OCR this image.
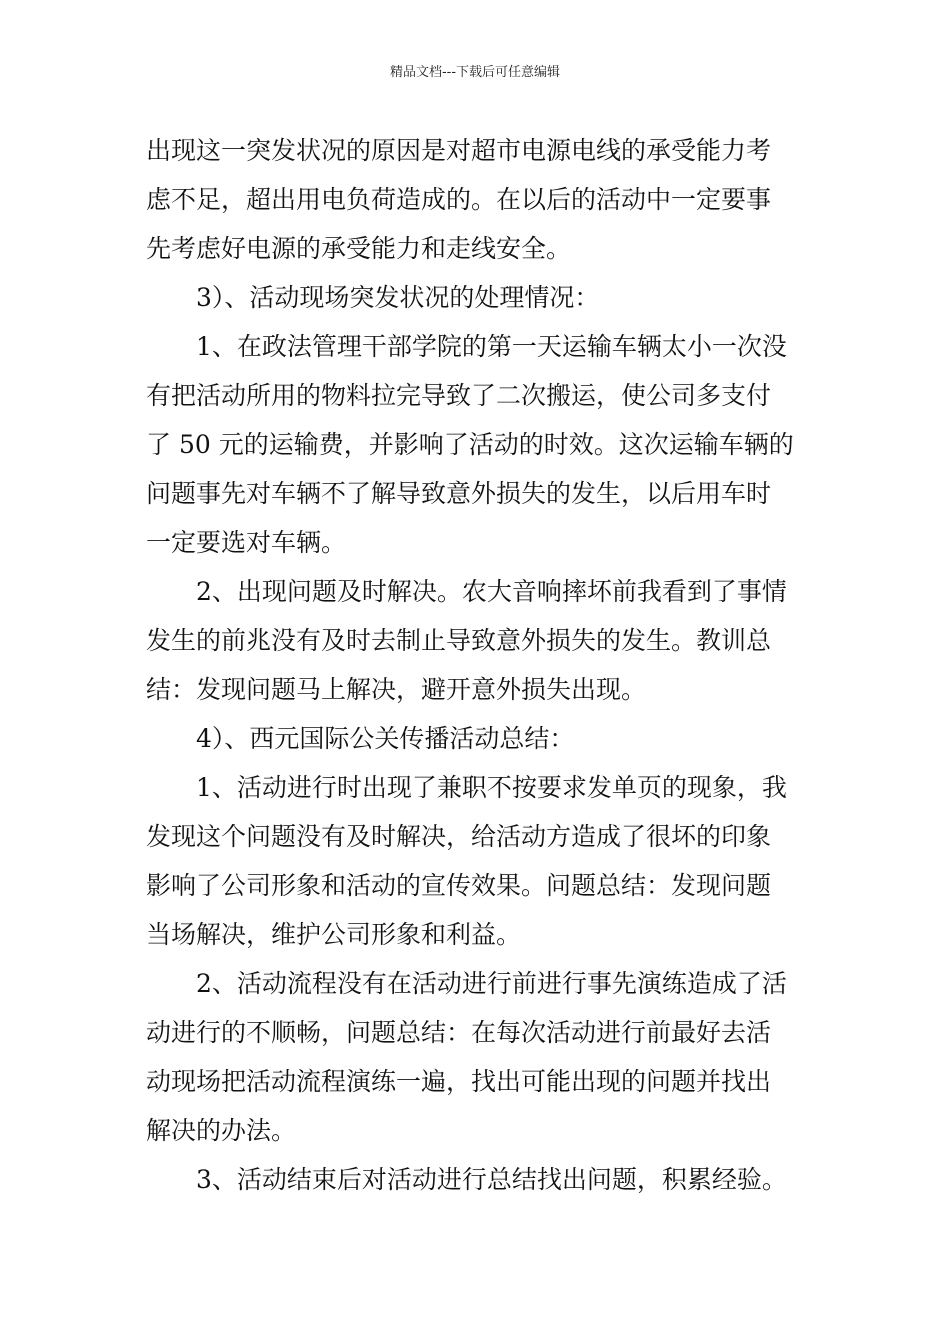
精品文档---下载后可任意编辑
出现这一突发状况的原因是对超市电源电线的承受能力考
虑不足，超出用电负荷造成的。在以后的活动中一定要事
先考虑好电源的承受能力和走线安全。
3）、活动现场突发状况的处理情况：
1、在政法管理干部学院的第一天运输车辆太小一次没
有把活动所用的物料拉完导致了二次搬运，使公司多支付
了 50 元的运输费，并影响了活动的时效。这次运输车辆的
问题事先对车辆不了解导致意外损失的发生，以后用车时
一定要选对车辆。
2、出现问题及时解决。农大音响摔坏前我看到了事情
发生的前兆没有及时去制止导致意外损失的发生。教训总
结：发现问题马上解决，避开意外损失出现。
4）、西元国际公关传播活动总结：
1、活动进行时出现了兼职不按要求发单页的现象，我
发现这个问题没有及时解决，给活动方造成了很坏的印象
影响了公司形象和活动的宣传效果。问题总结：发现问题
当场解决，维护公司形象和利益。
2、活动流程没有在活动进行前进行事先演练造成了活
动进行的不顺畅，问题总结：在每次活动进行前最好去活
动现场把活动流程演练一遍，找出可能出现的问题并找出
解决的办法。
3、活动结束后对活动进行总结找出问题，积累经验。
